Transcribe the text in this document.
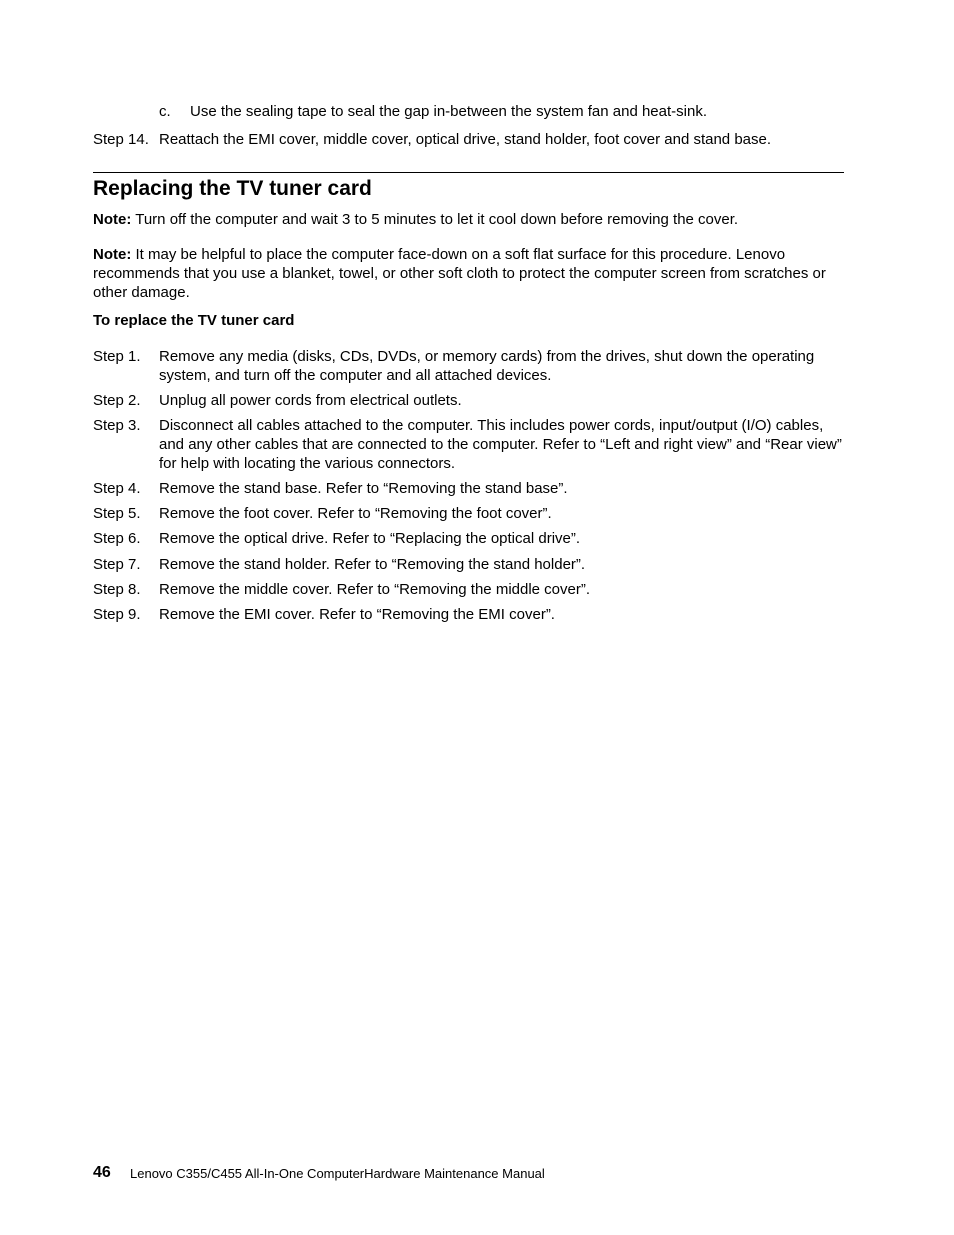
c. Use the sealing tape to seal the gap in-between the system fan and heat-sink.
Step 14. Reattach the EMI cover, middle cover, optical drive, stand holder, foot cover and stand base.
Replacing the TV tuner card
Note: Turn off the computer and wait 3 to 5 minutes to let it cool down before removing the cover.
Note: It may be helpful to place the computer face-down on a soft flat surface for this procedure. Lenovo recommends that you use a blanket, towel, or other soft cloth to protect the computer screen from scratches or other damage.
To replace the TV tuner card
Step 1. Remove any media (disks, CDs, DVDs, or memory cards) from the drives, shut down the operating system, and turn off the computer and all attached devices.
Step 2. Unplug all power cords from electrical outlets.
Step 3. Disconnect all cables attached to the computer. This includes power cords, input/output (I/O) cables, and any other cables that are connected to the computer. Refer to “Left and right view” and “Rear view” for help with locating the various connectors.
Step 4. Remove the stand base. Refer to “Removing the stand base”.
Step 5. Remove the foot cover. Refer to “Removing the foot cover”.
Step 6. Remove the optical drive. Refer to “Replacing the optical drive”.
Step 7. Remove the stand holder. Refer to “Removing the stand holder”.
Step 8. Remove the middle cover. Refer to “Removing the middle cover”.
Step 9. Remove the EMI cover. Refer to “Removing the EMI cover”.
46 Lenovo C355/C455 All-In-One ComputerHardware Maintenance Manual
